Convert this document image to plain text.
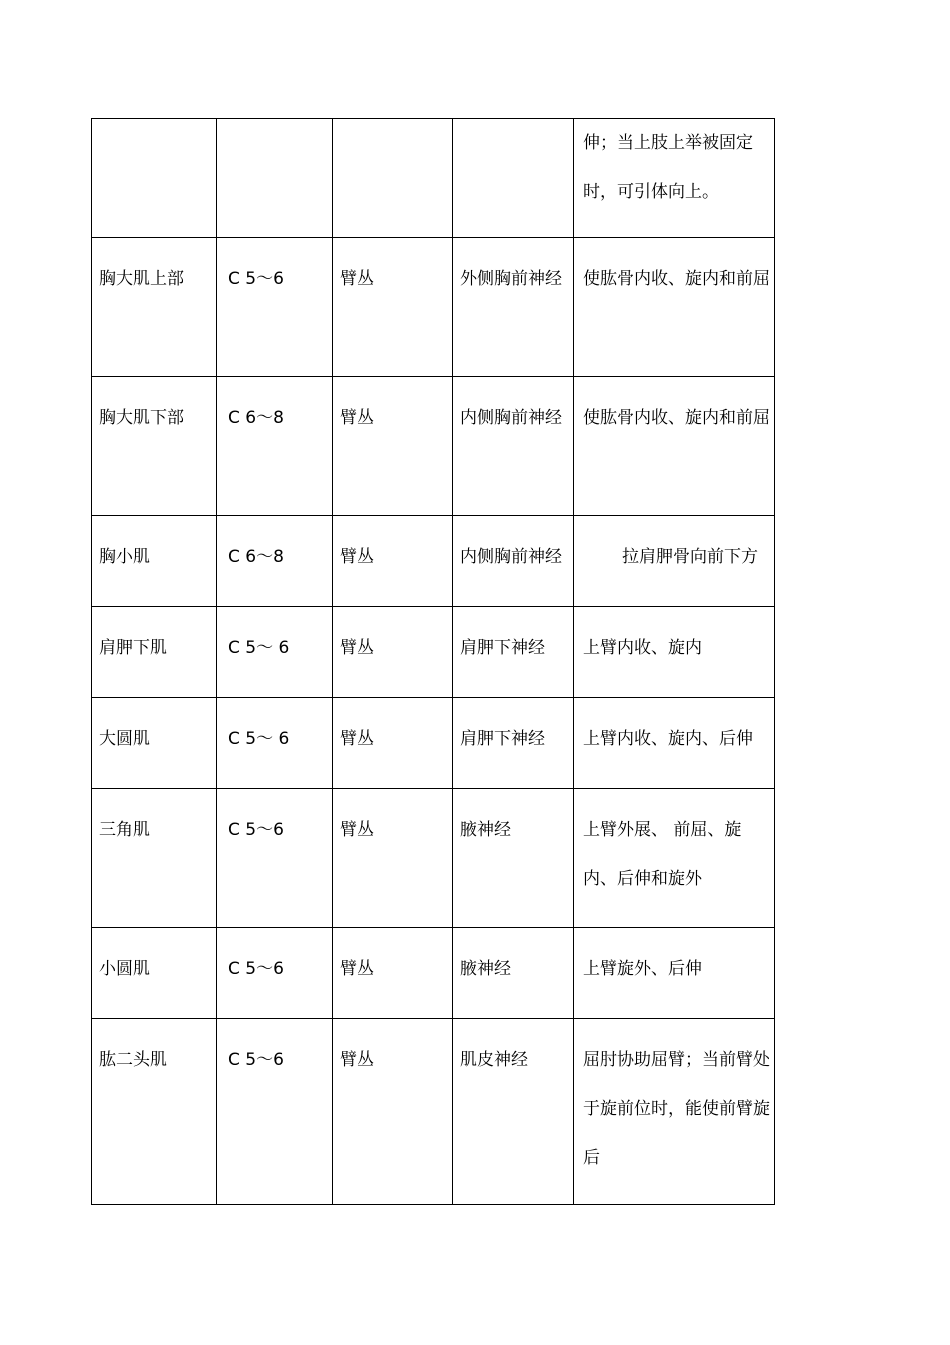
				伸；当上肢上举被固定时，可引体向上。
胸大肌上部	C 5～6	臂丛	外侧胸前神经	使肱骨内收、旋内和前屈
胸大肌下部	C 6～8	臂丛	内侧胸前神经	使肱骨内收、旋内和前屈
胸小肌	C 6～8	臂丛	内侧胸前神经	拉肩胛骨向前下方
肩胛下肌	C 5～ 6	臂丛	肩胛下神经	上臂内收、旋内
大圆肌	C 5～ 6	臂丛	肩胛下神经	上臂内收、旋内、后伸
三角肌	C 5～6	臂丛	腋神经	上臂外展、 前屈、旋内、后伸和旋外
小圆肌	C 5～6	臂丛	腋神经	上臂旋外、后伸
肱二头肌	C 5～6	臂丛	肌皮神经	屈肘协助屈臂；当前臂处于旋前位时，能使前臂旋后
